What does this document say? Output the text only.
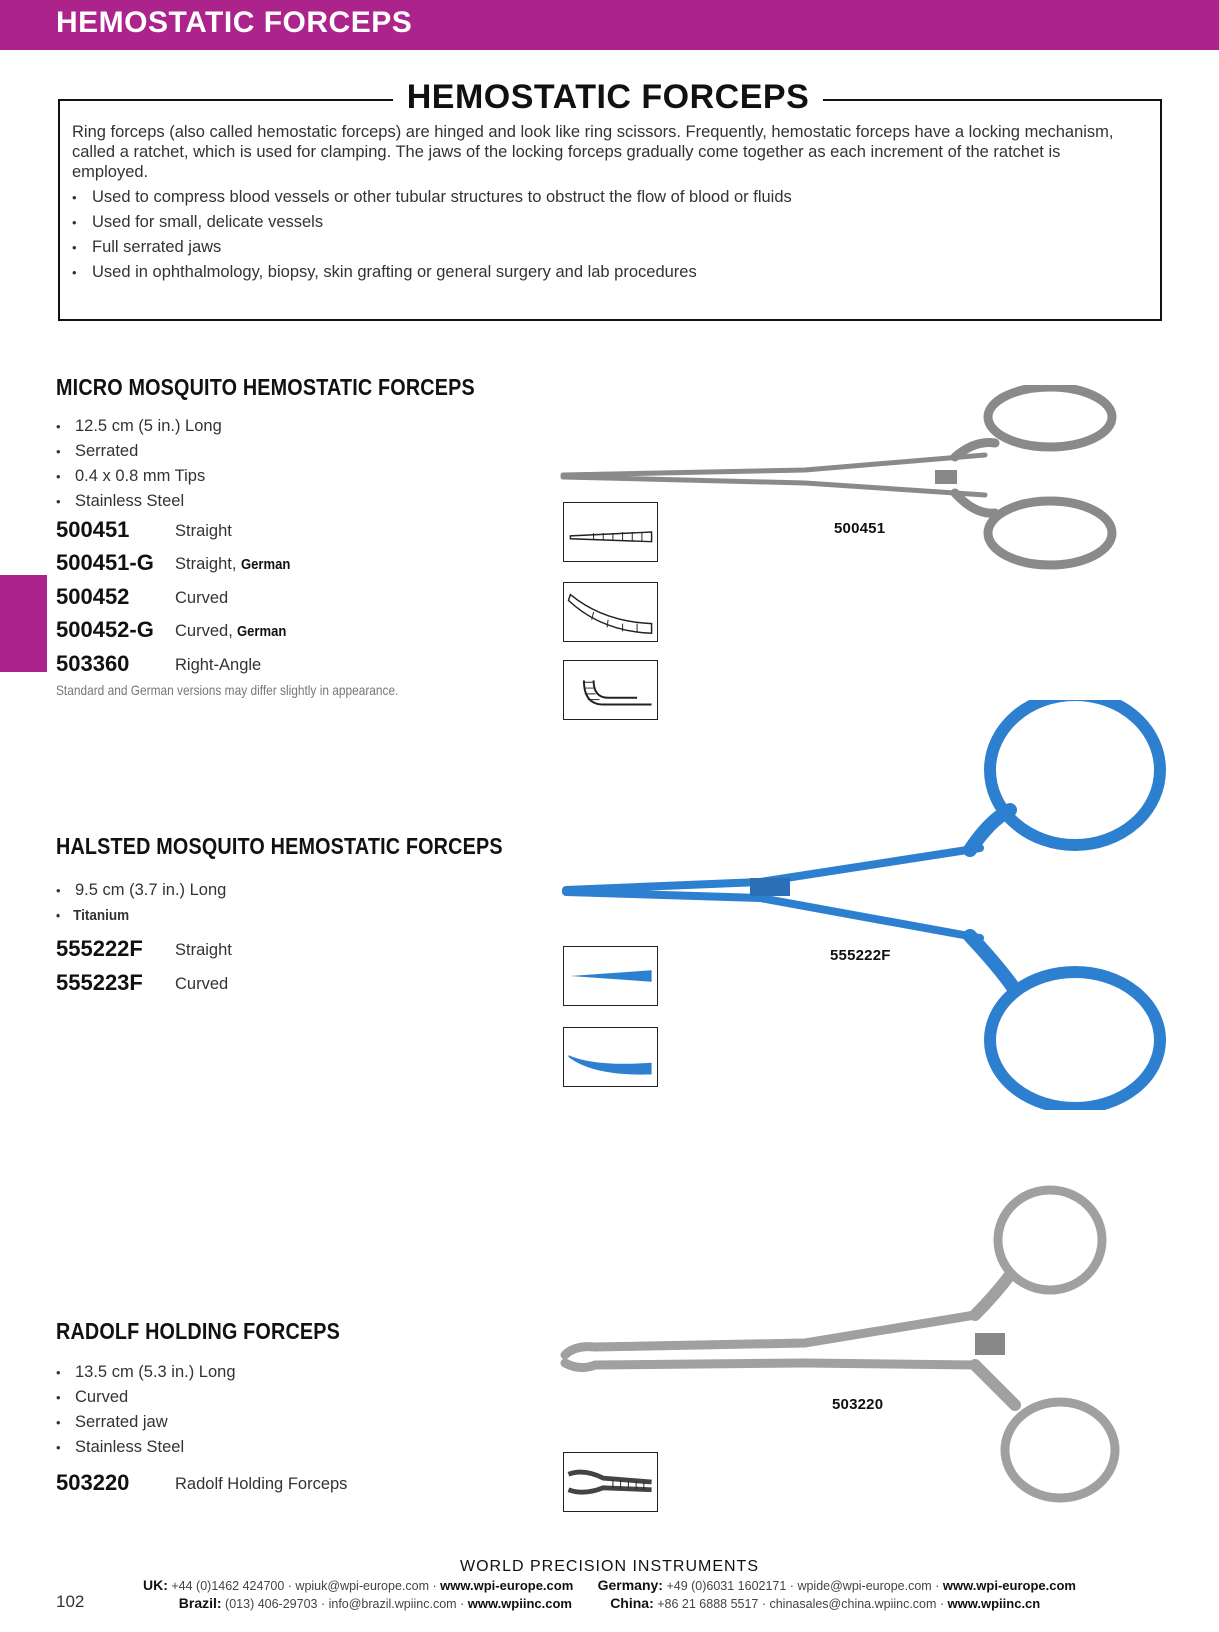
HEMOSTATIC FORCEPS
HEMOSTATIC FORCEPS
Ring forceps (also called hemostatic forceps) are hinged and look like ring scissors. Frequently, hemostatic forceps have a locking mechanism, called a ratchet, which is used for clamping. The jaws of the locking forceps gradually come together as each increment of the ratchet is employed.
• Used to compress blood vessels or other tubular structures to obstruct the flow of blood or fluids
• Used for small, delicate vessels
• Full serrated jaws
• Used in ophthalmology, biopsy, skin grafting or general surgery and lab procedures
MICRO MOSQUITO HEMOSTATIC FORCEPS
• 12.5 cm (5 in.) Long
• Serrated
• 0.4 x 0.8 mm Tips
• Stainless Steel
500451	Straight
500451-G Straight, German
500452	Curved
500452-G Curved, German
503360	Right-Angle
Standard and German versions may differ slightly in appearance.
500451
HALSTED MOSQUITO HEMOSTATIC FORCEPS
• 9.5 cm (3.7 in.) Long
• Titanium
555222F Straight
555223F Curved
555222F
RADOLF HOLDING FORCEPS
• 13.5 cm (5.3 in.) Long
• Curved
• Serrated jaw
• Stainless Steel
503220	Radolf Holding Forceps
503220
WORLD PRECISION INSTRUMENTS
UK: +44 (0)1462 424700 · wpiuk@wpi-europe.com · www.wpi-europe.com Germany: +49 (0)6031 1602171 · wpide@wpi-europe.com · www.wpi-europe.com
Brazil: (013) 406-29703 · info@brazil.wpiinc.com · www.wpiinc.com	China: +86 21 6888 5517 · chinasales@china.wpiinc.com · www.wpiinc.cn
102
